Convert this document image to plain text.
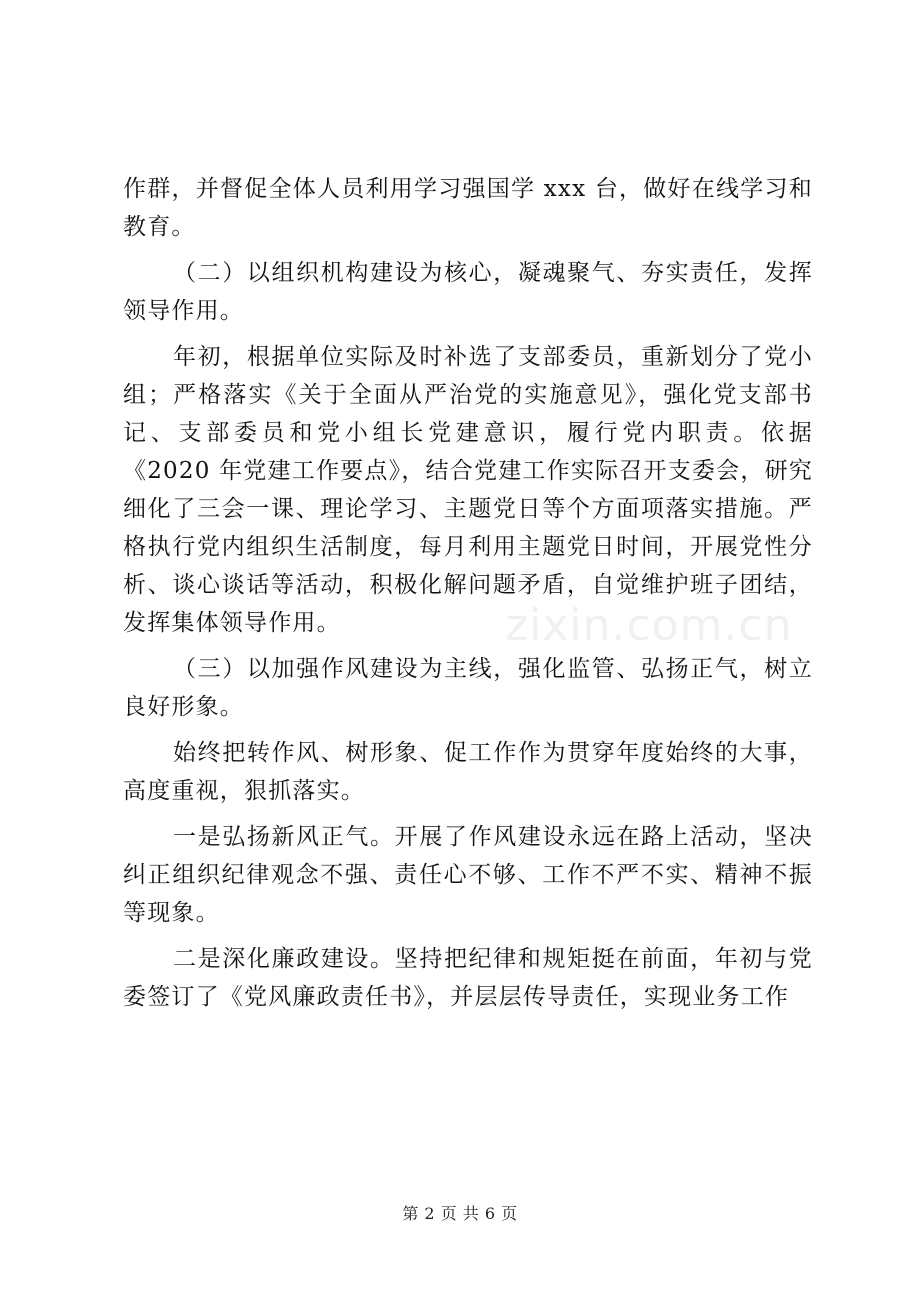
作群，并督促全体人员利用学习强国学 xxx 台，做好在线学习和教育。

（二）以组织机构建设为核心，凝魂聚气、夯实责任，发挥领导作用。

年初，根据单位实际及时补选了支部委员，重新划分了党小组；严格落实《关于全面从严治党的实施意见》，强化党支部书记、支部委员和党小组长党建意识，履行党内职责。依据《2020 年党建工作要点》，结合党建工作实际召开支委会，研究细化了三会一课、理论学习、主题党日等个方面项落实措施。严格执行党内组织生活制度，每月利用主题党日时间，开展党性分析、谈心谈话等活动，积极化解问题矛盾，自觉维护班子团结，发挥集体领导作用。

（三）以加强作风建设为主线，强化监管、弘扬正气，树立良好形象。

始终把转作风、树形象、促工作作为贯穿年度始终的大事，高度重视，狠抓落实。

一是弘扬新风正气。开展了作风建设永远在路上活动，坚决纠正组织纪律观念不强、责任心不够、工作不严不实、精神不振等现象。

二是深化廉政建设。坚持把纪律和规矩挺在前面，年初与党委签订了《党风廉政责任书》，并层层传导责任，实现业务工作

zixin.com.cn
第 2 页 共 6 页
